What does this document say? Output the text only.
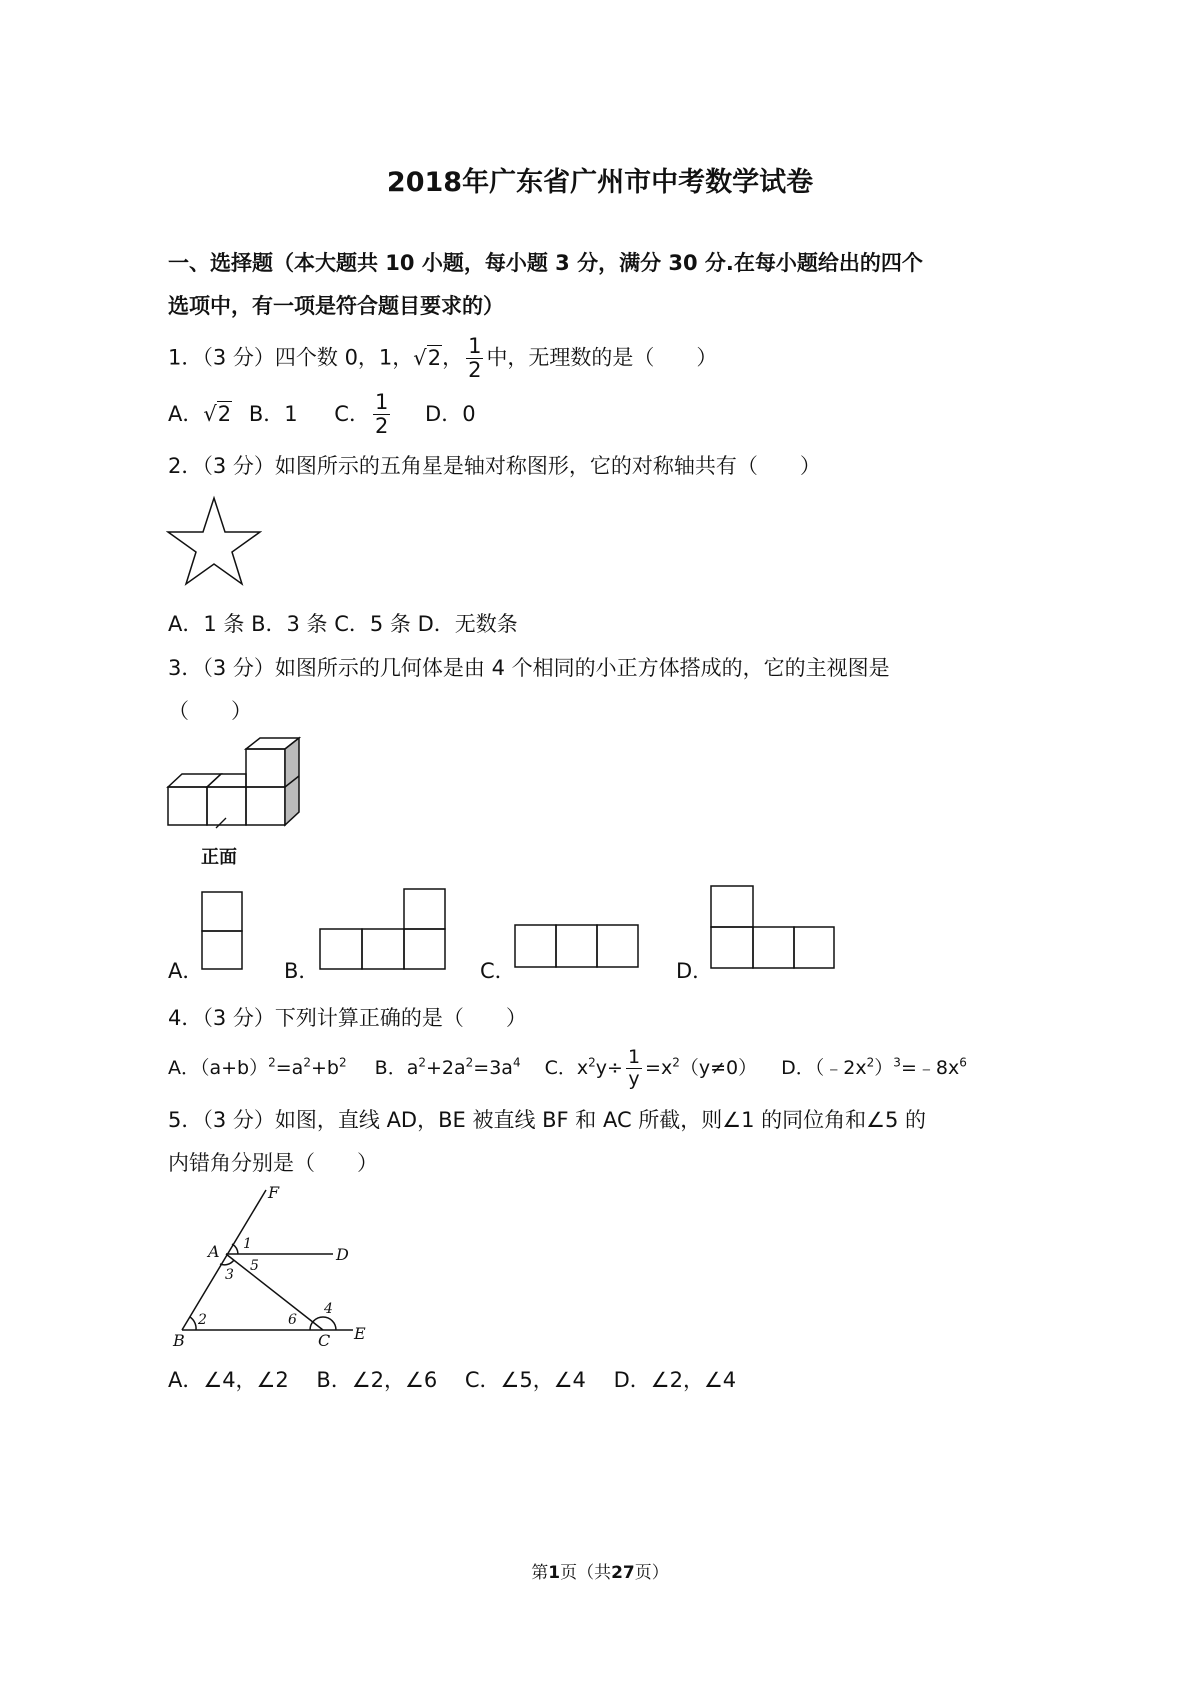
2018年广东省广州市中考数学试卷
一、选择题（本大题共 10 小题，每小题 3 分，满分 30 分.在每小题给出的四个
选项中，有一项是符合题目要求的）
1．（3 分）四个数 0，1，√2， $\frac{1}{2}$ 中，无理数的是（　　）
A．√2 B．1 C． $\frac{1}{2}$ D．0
2．（3 分）如图所示的五角星是轴对称图形，它的对称轴共有（　　）
A．1 条 B．3 条 C．5 条 D．无数条
3．（3 分）如图所示的几何体是由 4 个相同的小正方体搭成的，它的主视图是
（　　）
正面
A．	B．	C．	D．
4．（3 分）下列计算正确的是（　　）
A．$(a+b)^2=a^2+b^2$ B．$a^2+2a^2=3a^4$ C．$x^2y\div \frac{1}{y} =x^2(y\ne 0)$ D．$(﹣2x^2)^3=﹣8x^6$
5．（3 分）如图，直线 AD，BE 被直线 BF 和 AC 所截，则∠1 的同位角和∠5 的
内错角分别是（　　）
F
A	D
B	C E
1
2
3
4
5
6
A．∠4，∠2　 B．∠2，∠6　 C．∠5，∠4　 D．∠2，∠4
第1页（共27页）
